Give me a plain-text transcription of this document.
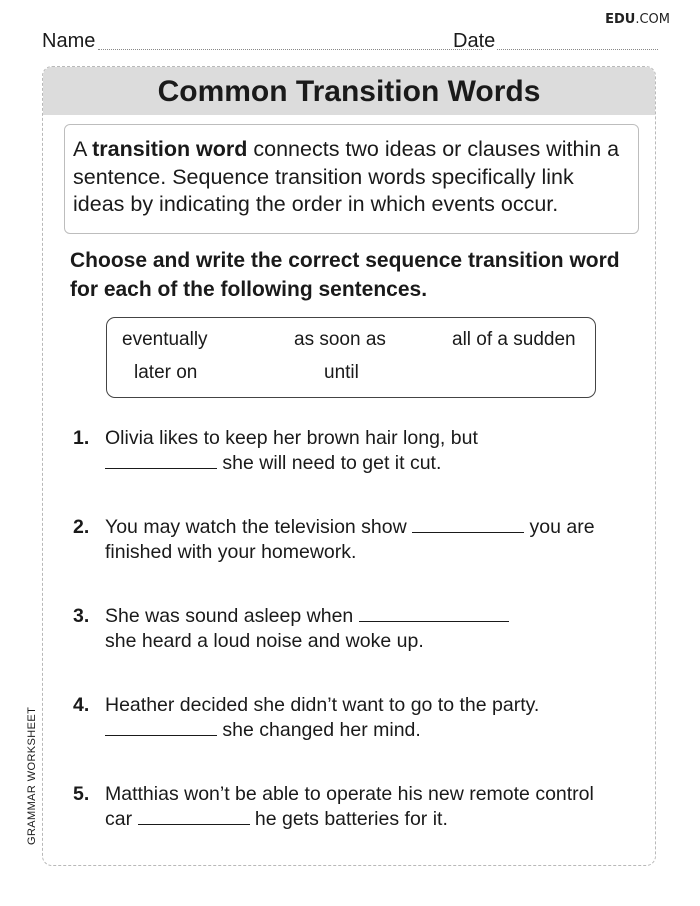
EDU.COM
Name	Date
Common Transition Words
A transition word connects two ideas or clauses within a sentence. Sequence transition words specifically link ideas by indicating the order in which events occur.
Choose and write the correct sequence transition word for each of the following sentences.
eventually	as soon as	all of a sudden
later on	until
1. Olivia likes to keep her brown hair long, but
she will need to get it cut.
2. You may watch the television show	you are
finished with your homework.
3. She was sound asleep when
she heard a loud noise and woke up.
4. Heather decided she didn’t want to go to the party.
she changed her mind.
5. Matthias won’t be able to operate his new remote control
car	he gets batteries for it.
GRAMMAR WORKSHEET
